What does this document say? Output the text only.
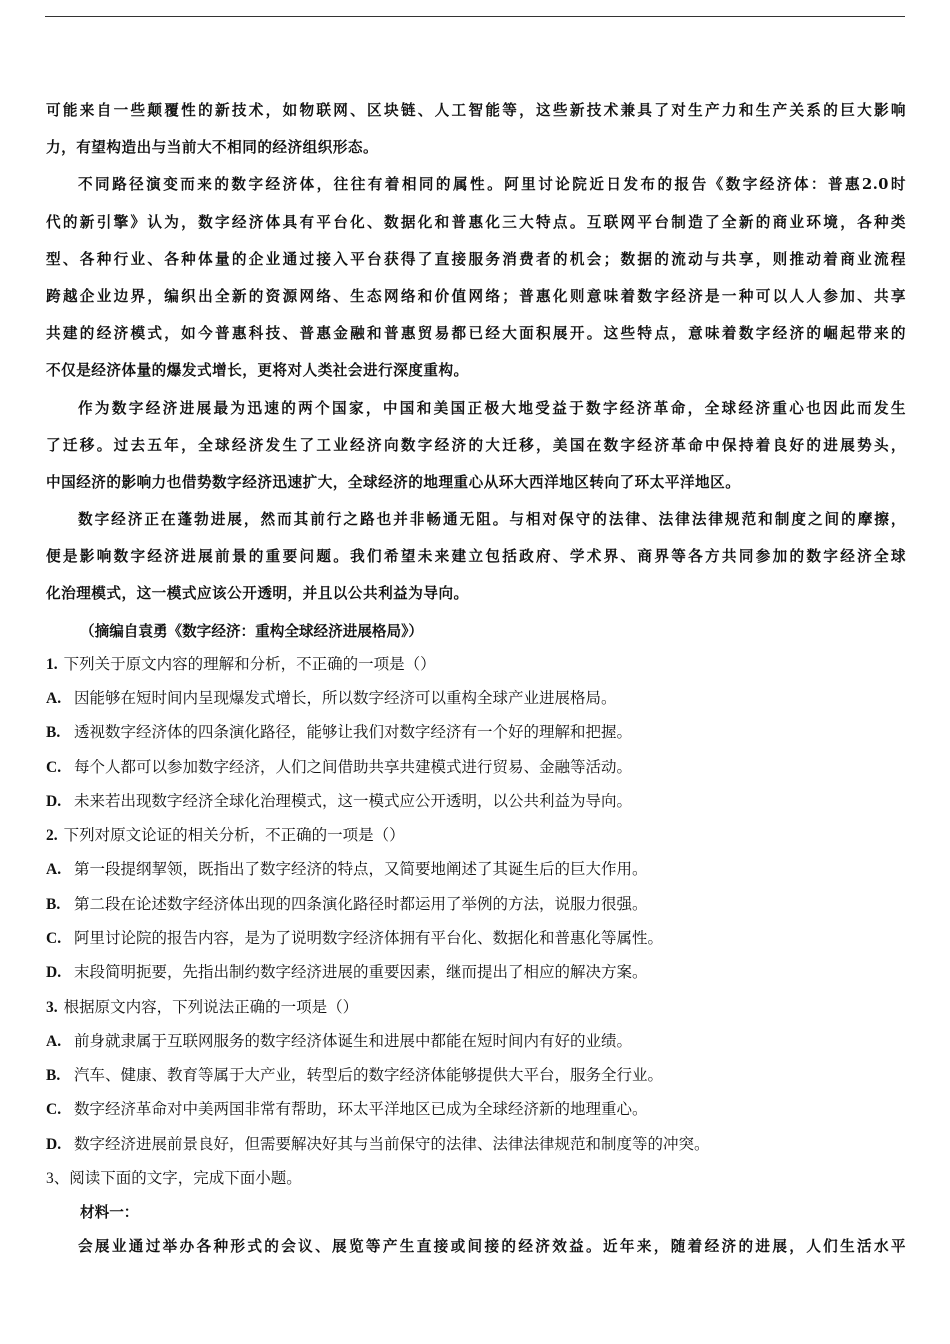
可能来自一些颠覆性的新技术，如物联网、区块链、人工智能等，这些新技术兼具了对生产力和生产关系的巨大影响
力，有望构造出与当前大不相同的经济组织形态。
不同路径演变而来的数字经济体，往往有着相同的属性。阿里讨论院近日发布的报告《数字经济体：普惠2.0时
代的新引擎》认为，数字经济体具有平台化、数据化和普惠化三大特点。互联网平台制造了全新的商业环境，各种类
型、各种行业、各种体量的企业通过接入平台获得了直接服务消费者的机会；数据的流动与共享，则推动着商业流程
跨越企业边界，编织出全新的资源网络、生态网络和价值网络；普惠化则意味着数字经济是一种可以人人参加、共享
共建的经济模式，如今普惠科技、普惠金融和普惠贸易都已经大面积展开。这些特点，意味着数字经济的崛起带来的
不仅是经济体量的爆发式增长，更将对人类社会进行深度重构。
作为数字经济进展最为迅速的两个国家，中国和美国正极大地受益于数字经济革命，全球经济重心也因此而发生
了迁移。过去五年，全球经济发生了工业经济向数字经济的大迁移，美国在数字经济革命中保持着良好的进展势头，
中国经济的影响力也借势数字经济迅速扩大，全球经济的地理重心从环大西洋地区转向了环太平洋地区。
数字经济正在蓬勃进展，然而其前行之路也并非畅通无阻。与相对保守的法律、法律法律规范和制度之间的摩擦，
便是影响数字经济进展前景的重要问题。我们希望未来建立包括政府、学术界、商界等各方共同参加的数字经济全球
化治理模式，这一模式应该公开透明，并且以公共利益为导向。
（摘编自袁勇《数字经济：重构全球经济进展格局》）
1. 下列关于原文内容的理解和分析，不正确的一项是（）
A. 因能够在短时间内呈现爆发式增长，所以数字经济可以重构全球产业进展格局。
B. 透视数字经济体的四条演化路径，能够让我们对数字经济有一个好的理解和把握。
C. 每个人都可以参加数字经济，人们之间借助共享共建模式进行贸易、金融等活动。
D. 未来若出现数字经济全球化治理模式，这一模式应公开透明，以公共利益为导向。
2. 下列对原文论证的相关分析，不正确的一项是（）
A. 第一段提纲挈领，既指出了数字经济的特点，又简要地阐述了其诞生后的巨大作用。
B. 第二段在论述数字经济体出现的四条演化路径时都运用了举例的方法，说服力很强。
C. 阿里讨论院的报告内容，是为了说明数字经济体拥有平台化、数据化和普惠化等属性。
D. 末段简明扼要，先指出制约数字经济进展的重要因素，继而提出了相应的解决方案。
3. 根据原文内容，下列说法正确的一项是（）
A. 前身就隶属于互联网服务的数字经济体诞生和进展中都能在短时间内有好的业绩。
B. 汽车、健康、教育等属于大产业，转型后的数字经济体能够提供大平台，服务全行业。
C. 数字经济革命对中美两国非常有帮助，环太平洋地区已成为全球经济新的地理重心。
D. 数字经济进展前景良好，但需要解决好其与当前保守的法律、法律法律规范和制度等的冲突。
3、阅读下面的文字，完成下面小题。
材料一：
会展业通过举办各种形式的会议、展览等产生直接或间接的经济效益。近年来，随着经济的进展，人们生活水平
